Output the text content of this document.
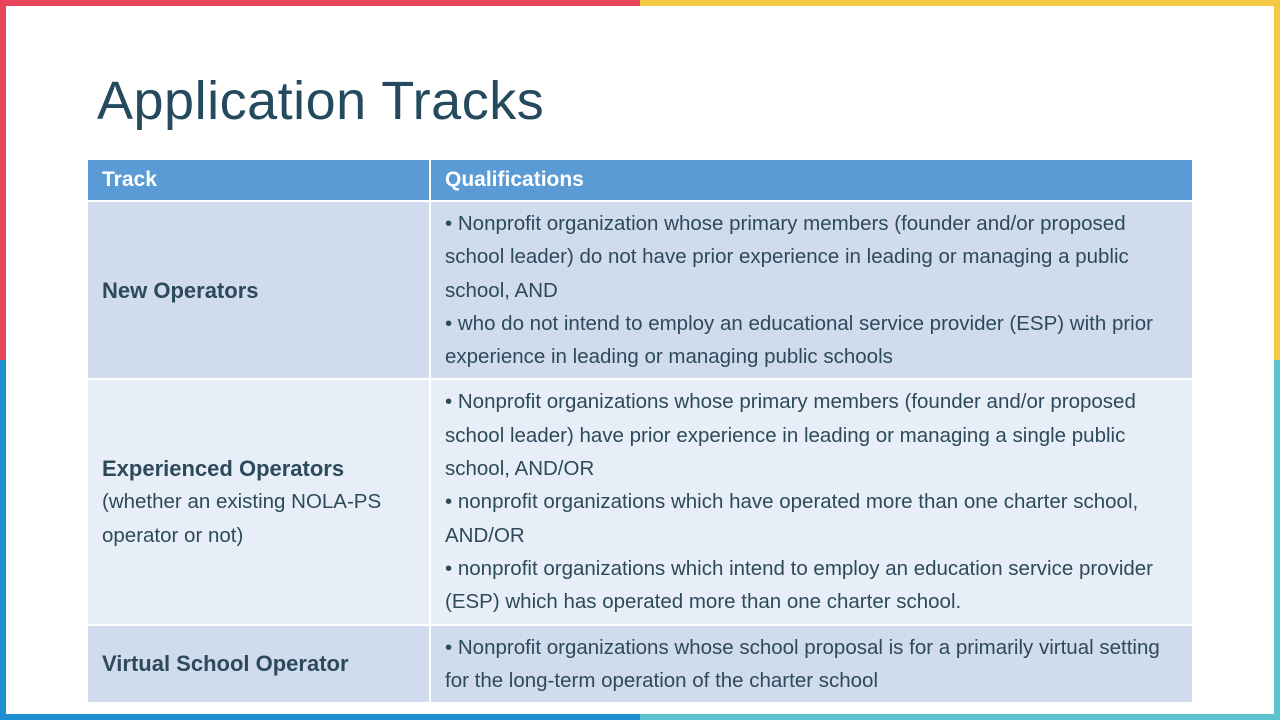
Application Tracks
Track	Qualifications

New Operators	• Nonprofit organization whose primary members (founder and/or proposed school leader) do not have prior experience in leading or managing a public school, AND
• who do not intend to employ an educational service provider (ESP) with prior experience in leading or managing public schools

Experienced Operators
(whether an existing NOLA-PS operator or not)	• Nonprofit organizations whose primary members (founder and/or proposed school leader) have prior experience in leading or managing a single public school, AND/OR
• nonprofit organizations which have operated more than one charter school, AND/OR
• nonprofit organizations which intend to employ an education service provider (ESP) which has operated more than one charter school.

Virtual School Operator	• Nonprofit organizations whose school proposal is for a primarily virtual setting for the long-term operation of the charter school
